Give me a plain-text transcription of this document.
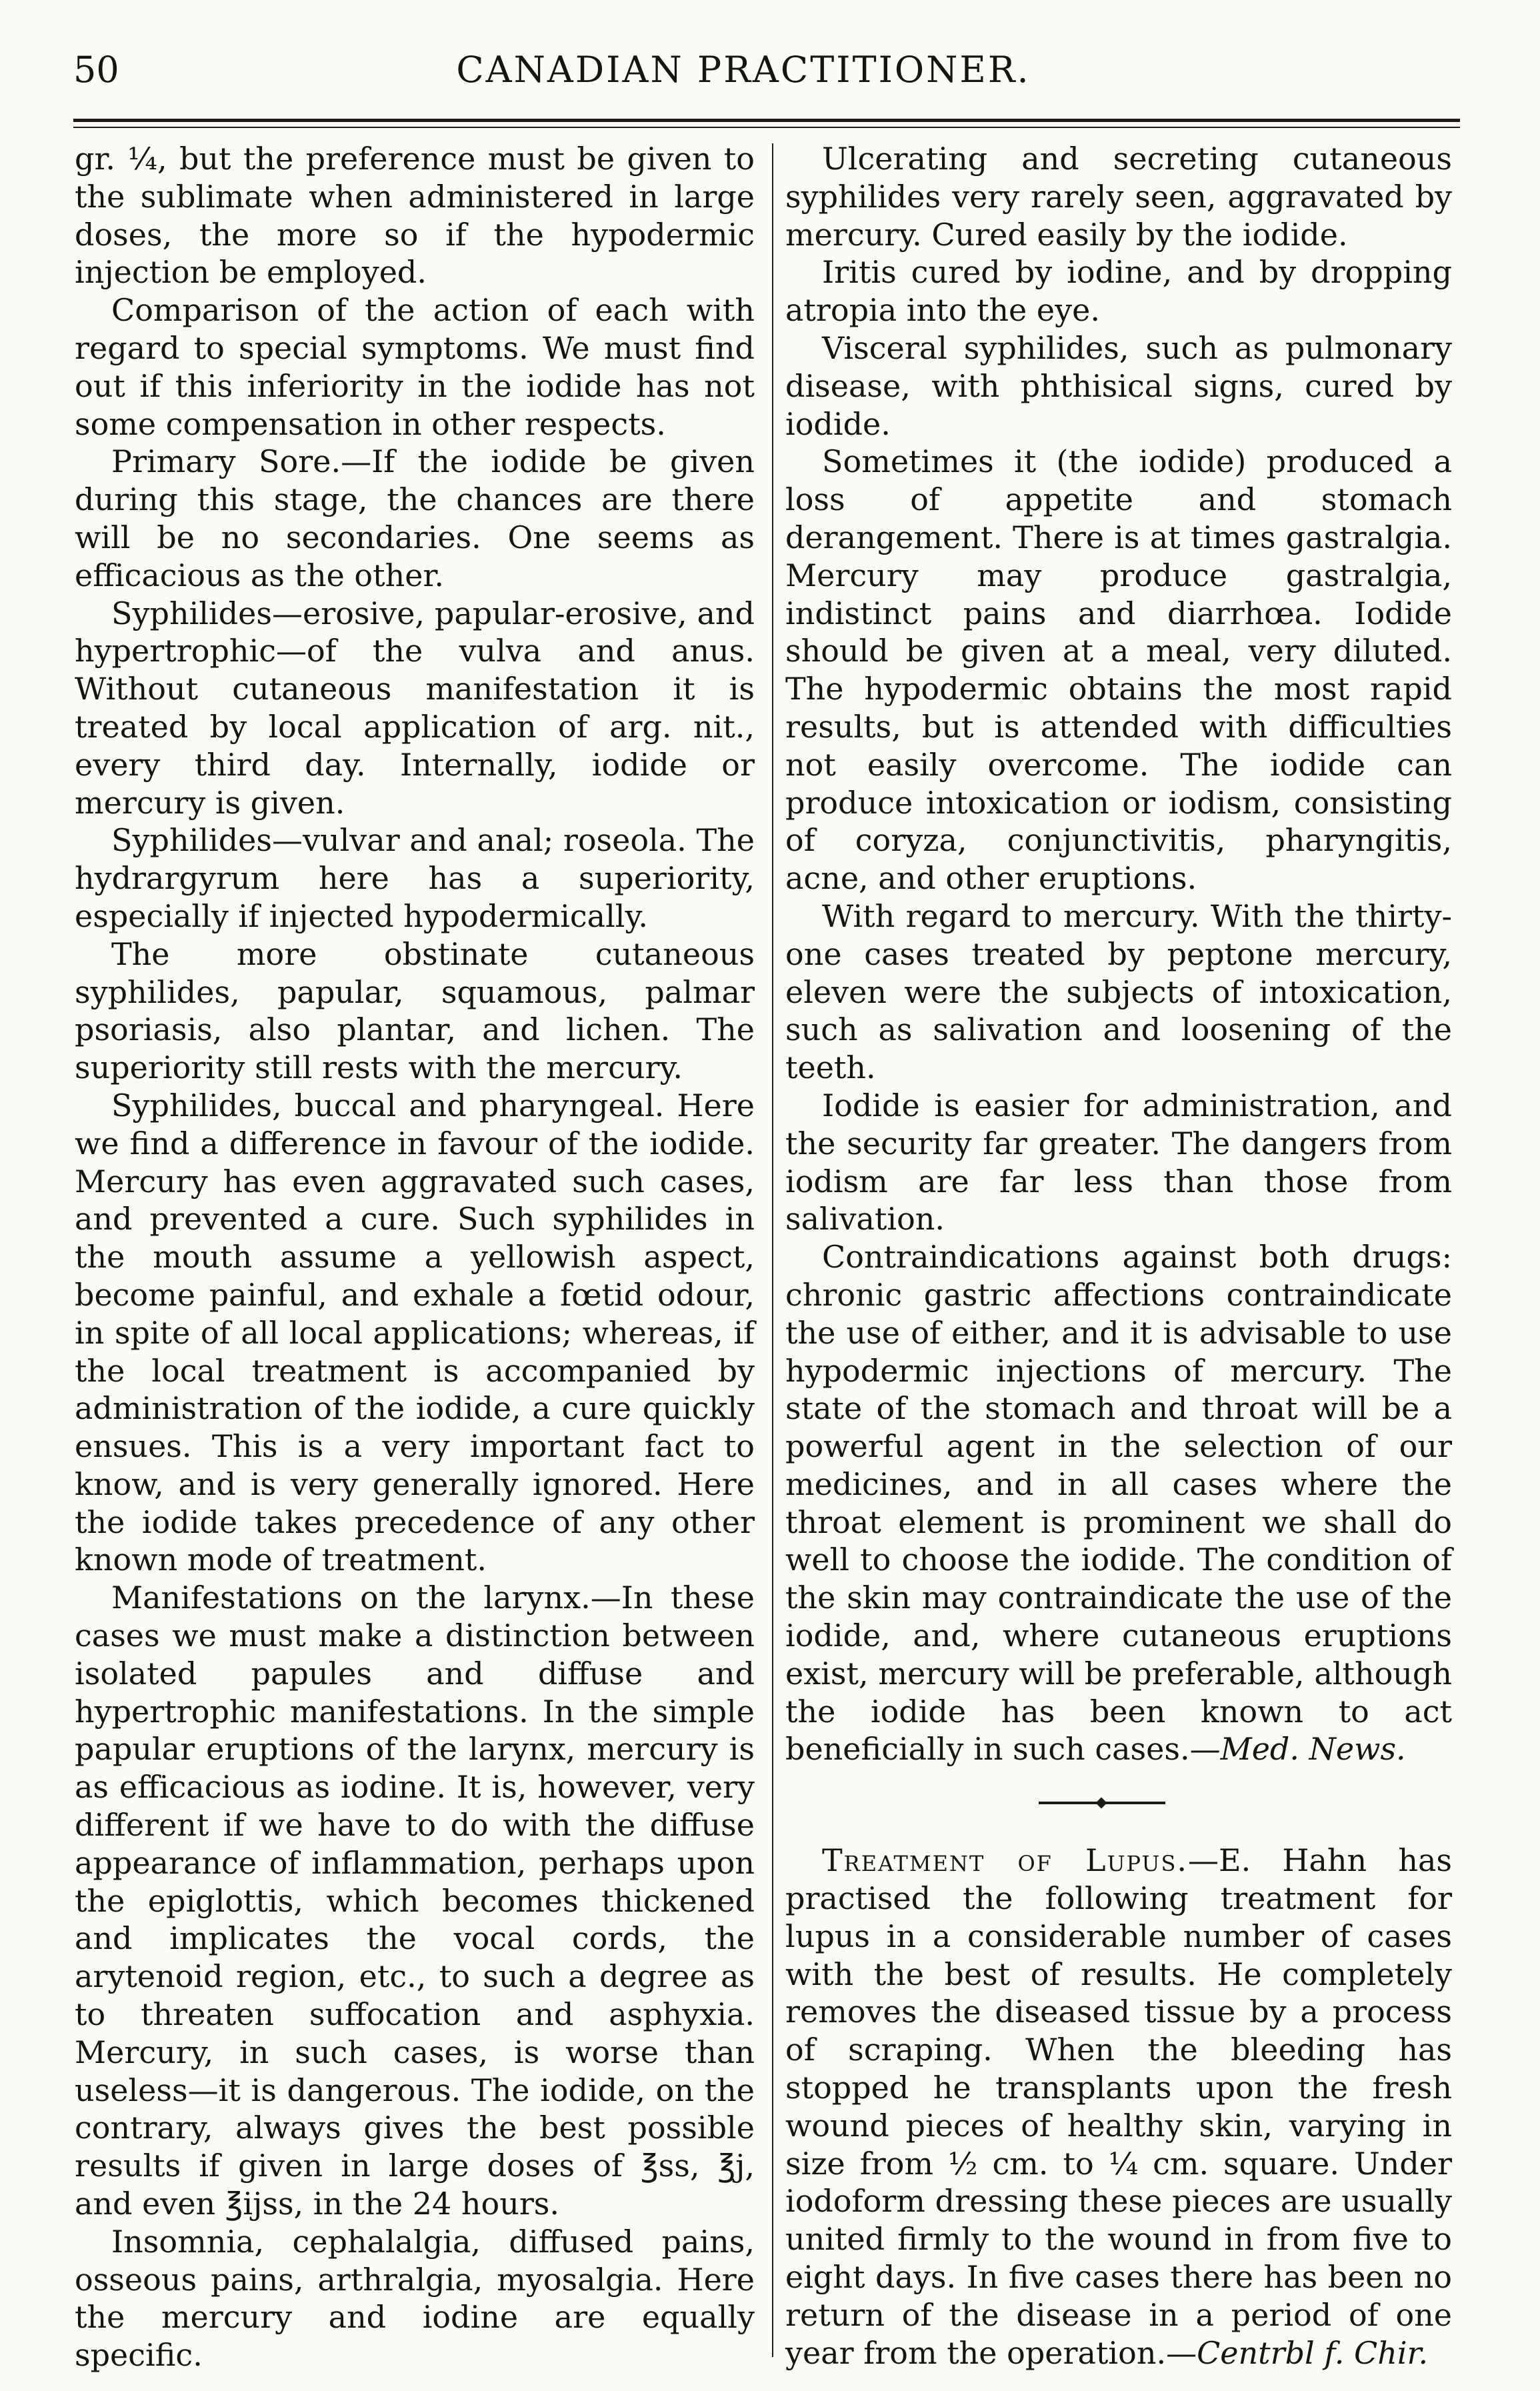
50	CANADIAN PRACTITIONER.

gr. ¼, but the preference must be given to the sublimate when administered in large doses, the more so if the hypodermic injection be employed.

Comparison of the action of each with regard to special symptoms. We must find out if this inferiority in the iodide has not some compensation in other respects.

Primary Sore.—If the iodide be given during this stage, the chances are there will be no secondaries. One seems as efficacious as the other.

Syphilides—erosive, papular-erosive, and hypertrophic—of the vulva and anus. Without cutaneous manifestation it is treated by local application of arg. nit., every third day. Internally, iodide or mercury is given.

Syphilides—vulvar and anal; roseola. The hydrargyrum here has a superiority, especially if injected hypodermically.

The more obstinate cutaneous syphilides, papular, squamous, palmar psoriasis, also plantar, and lichen. The superiority still rests with the mercury.

Syphilides, buccal and pharyngeal. Here we find a difference in favour of the iodide. Mercury has even aggravated such cases, and prevented a cure. Such syphilides in the mouth assume a yellowish aspect, become painful, and exhale a fœtid odour, in spite of all local applications; whereas, if the local treatment is accompanied by administration of the iodide, a cure quickly ensues. This is a very important fact to know, and is very generally ignored. Here the iodide takes precedence of any other known mode of treatment.

Manifestations on the larynx.—In these cases we must make a distinction between isolated papules and diffuse and hypertrophic manifestations. In the simple papular eruptions of the larynx, mercury is as efficacious as iodine. It is, however, very different if we have to do with the diffuse appearance of inflammation, perhaps upon the epiglottis, which becomes thickened and implicates the vocal cords, the arytenoid region, etc., to such a degree as to threaten suffocation and asphyxia. Mercury, in such cases, is worse than useless—it is dangerous. The iodide, on the contrary, always gives the best possible results if given in large doses of ℥ss, ℥j, and even ℥ijss, in the 24 hours.

Insomnia, cephalalgia, diffused pains, osseous pains, arthralgia, myosalgia. Here the mercury and iodine are equally specific.

Ulcerating and secreting cutaneous syphilides very rarely seen, aggravated by mercury. Cured easily by the iodide.

Iritis cured by iodine, and by dropping atropia into the eye.

Visceral syphilides, such as pulmonary disease, with phthisical signs, cured by iodide.

Sometimes it (the iodide) produced a loss of appetite and stomach derangement. There is at times gastralgia. Mercury may produce gastralgia, indistinct pains and diarrhœa. Iodide should be given at a meal, very diluted. The hypodermic obtains the most rapid results, but is attended with difficulties not easily overcome. The iodide can produce intoxication or iodism, consisting of coryza, conjunctivitis, pharyngitis, acne, and other eruptions.

With regard to mercury. With the thirty-one cases treated by peptone mercury, eleven were the subjects of intoxication, such as salivation and loosening of the teeth.

Iodide is easier for administration, and the security far greater. The dangers from iodism are far less than those from salivation.

Contraindications against both drugs: chronic gastric affections contraindicate the use of either, and it is advisable to use hypodermic injections of mercury. The state of the stomach and throat will be a powerful agent in the selection of our medicines, and in all cases where the throat element is prominent we shall do well to choose the iodide. The condition of the skin may contraindicate the use of the iodide, and, where cutaneous eruptions exist, mercury will be preferable, although the iodide has been known to act beneficially in such cases.—Med. News.

Treatment of Lupus.—E. Hahn has practised the following treatment for lupus in a considerable number of cases with the best of results. He completely removes the diseased tissue by a process of scraping. When the bleeding has stopped he transplants upon the fresh wound pieces of healthy skin, varying in size from ½ cm. to ¼ cm. square. Under iodoform dressing these pieces are usually united firmly to the wound in from five to eight days. In five cases there has been no return of the disease in a period of one year from the operation.—Centrbl f. Chir.
